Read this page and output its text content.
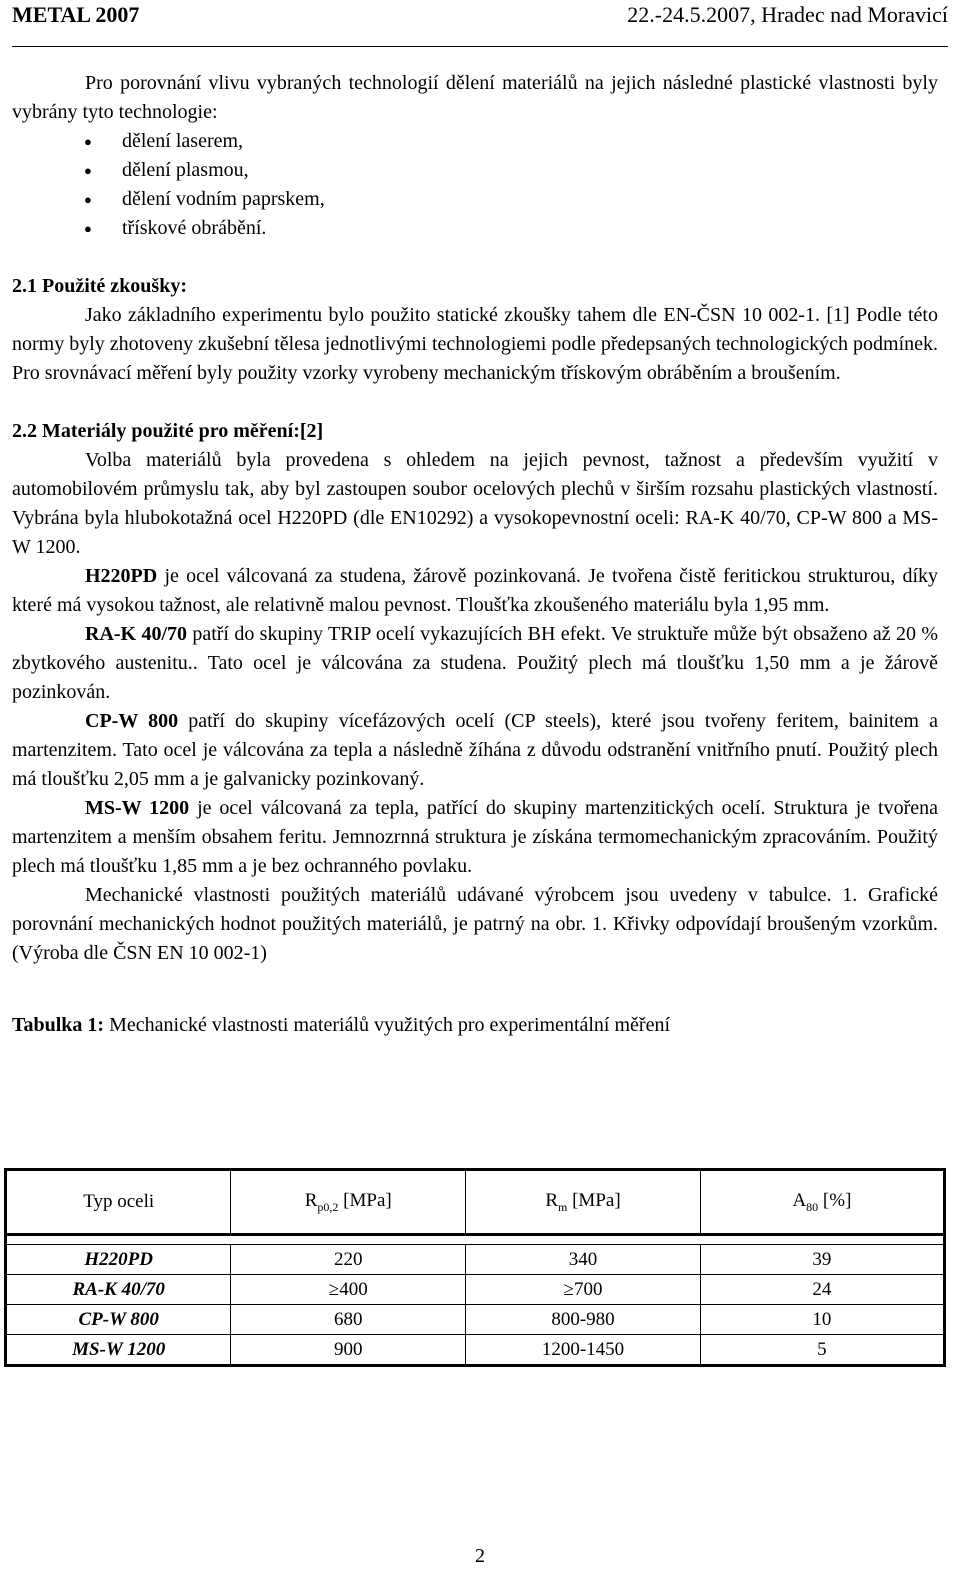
METAL 2007	22.-24.5.2007, Hradec nad Moravicí

Pro porovnání vlivu vybraných technologií dělení materiálů na jejich následné plastické vlastnosti byly vybrány tyto technologie:

● dělení laserem,
● dělení plasmou,
● dělení vodním paprskem,
● třískové obrábění.
2.1 Použité zkoušky:

Jako základního experimentu bylo použito statické zkoušky tahem dle EN-ČSN 10 002-1. [1] Podle této normy byly zhotoveny zkušební tělesa jednotlivými technologiemi podle předepsaných technologických podmínek. Pro srovnávací měření byly použity vzorky vyrobeny mechanickým třískovým obráběním a broušením.

2.2 Materiály použité pro měření:[2]

Volba materiálů byla provedena s ohledem na jejich pevnost, tažnost a především využití v automobilovém průmyslu tak, aby byl zastoupen soubor ocelových plechů v širším rozsahu plastických vlastností. Vybrána byla hlubokotažná ocel H220PD (dle EN10292) a vysokopevnostní oceli: RA-K 40/70, CP-W 800 a MS-W 1200.

H220PD je ocel válcovaná za studena, žárově pozinkovaná. Je tvořena čistě feritickou strukturou, díky které má vysokou tažnost, ale relativně malou pevnost. Tloušťka zkoušeného materiálu byla 1,95 mm.

RA-K 40/70 patří do skupiny TRIP ocelí vykazujících BH efekt. Ve struktuře může být obsaženo až 20 % zbytkového austenitu.. Tato ocel je válcována za studena. Použitý plech má tloušťku 1,50 mm a je žárově pozinkován.

CP-W 800 patří do skupiny vícefázových ocelí (CP steels), které jsou tvořeny feritem, bainitem a martenzitem. Tato ocel je válcována za tepla a následně žíhána z důvodu odstranění vnitřního pnutí. Použitý plech má tloušťku 2,05 mm a je galvanicky pozinkovaný.

MS-W 1200 je ocel válcovaná za tepla, patřící do skupiny martenzitických ocelí. Struktura je tvořena martenzitem a menším obsahem feritu. Jemnozrnná struktura je získána termomechanickým zpracováním. Použitý plech má tloušťku 1,85 mm a je bez ochranného povlaku.

Mechanické vlastnosti použitých materiálů udávané výrobcem jsou uvedeny v tabulce. 1. Grafické porovnání mechanických hodnot použitých materiálů, je patrný na obr. 1. Křivky odpovídají broušeným vzorkům.(Výroba dle ČSN EN 10 002-1)

Tabulka 1: Mechanické vlastnosti materiálů využitých pro experimentální měření

Typ oceli	$R_{p0,2}$ [MPa]	$R_m$ [MPa]	$A_{80}$ [%]

H220PD	220	340	39
RA-K 40/70	≥400	≥700	24
CP-W 800	680	800-980	10
MS-W 1200	900	1200-1450	5
2
